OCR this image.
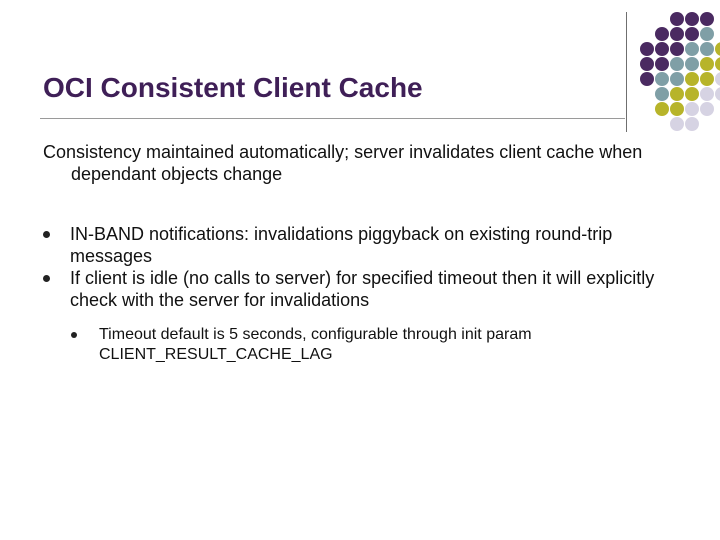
OCI Consistent Client Cache

Consistency maintained automatically; server invalidates client cache when dependant objects change

IN-BAND notifications: invalidations piggyback on existing round-trip messages
If client is idle (no calls to server) for specified timeout then it will explicitly check with the server for invalidations
Timeout default is 5 seconds, configurable through init param CLIENT_RESULT_CACHE_LAG
